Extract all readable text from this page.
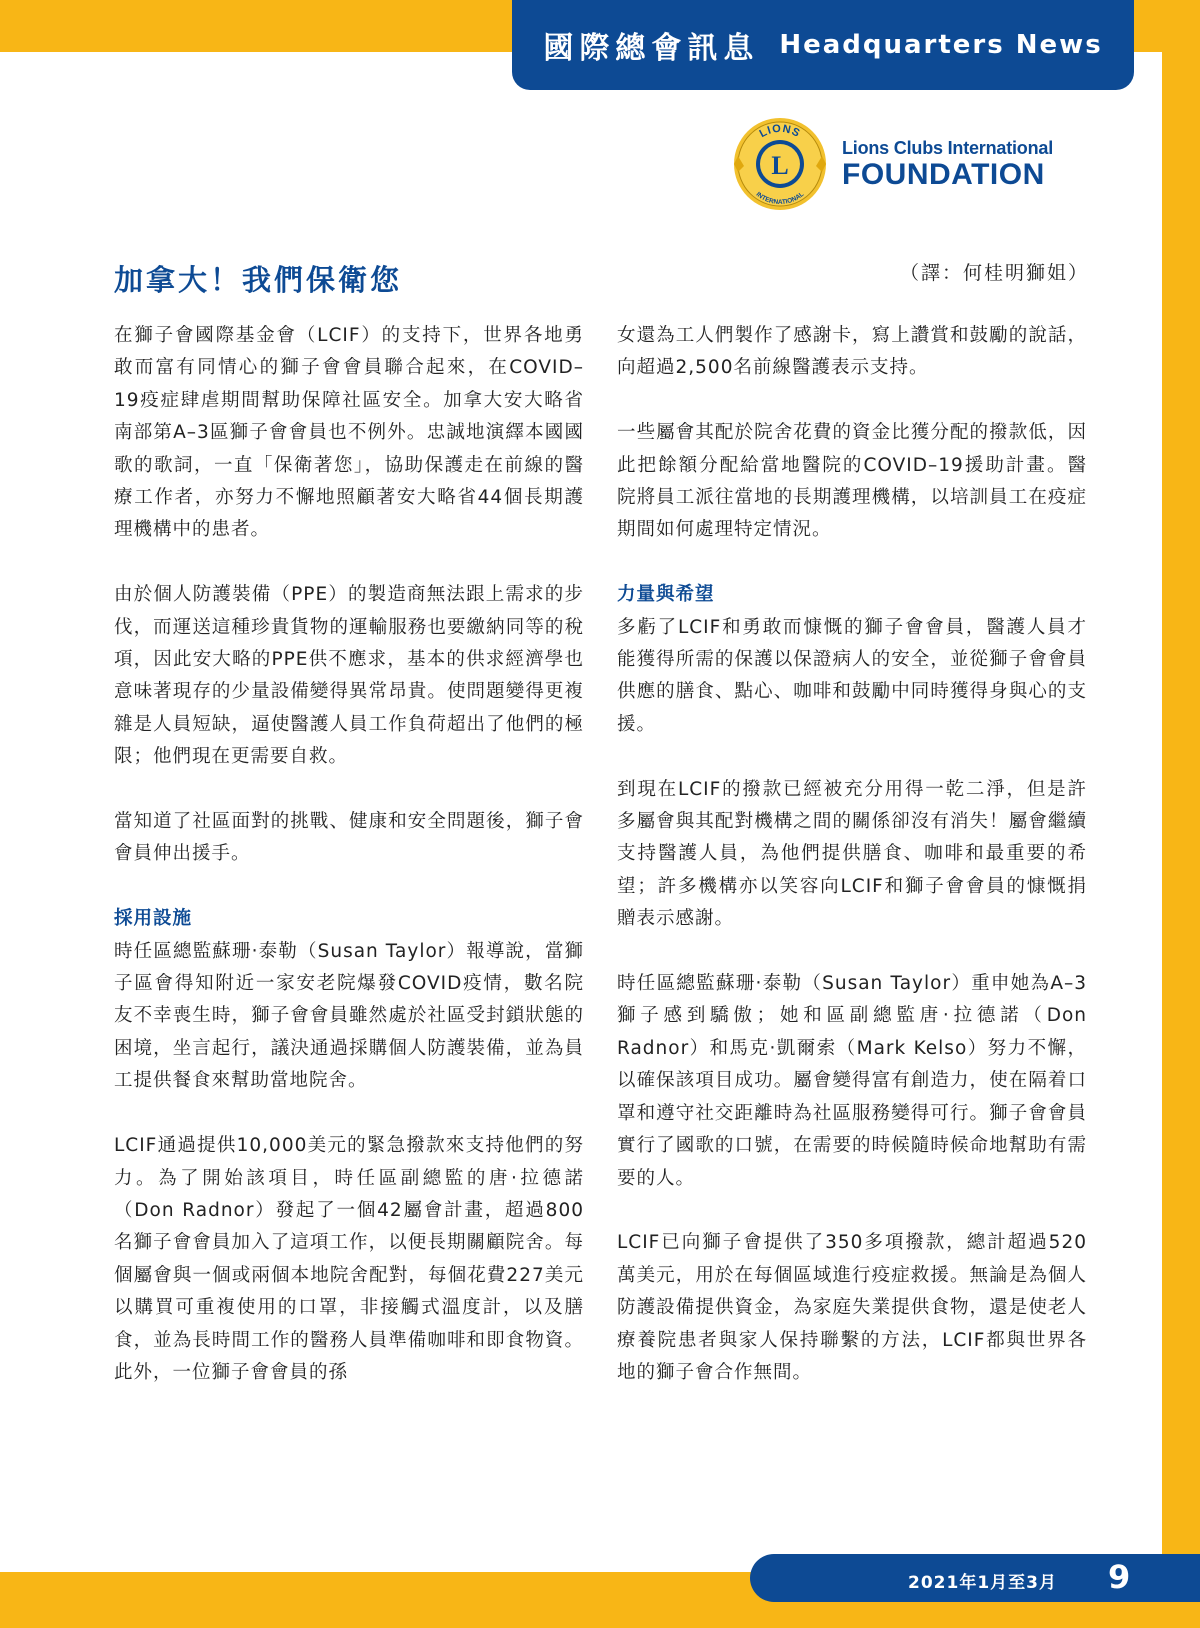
國際總會訊息 Headquarters News
L
LIONS
INTERNATIONAL
Lions Clubs International
FOUNDATION
加拿大！我們保衛您	（譯：何桂明獅姐）

在獅子會國際基金會（LCIF）的支持下，世界各地勇敢而富有同情心的獅子會會員聯合起來，在COVID–19疫症肆虐期間幫助保障社區安全。加拿大安大略省南部第A–3區獅子會會員也不例外。忠誠地演繹本國國歌的歌詞，一直「保衛著您」，協助保護走在前線的醫療工作者，亦努力不懈地照顧著安大略省44個長期護理機構中的患者。

由於個人防護裝備（PPE）的製造商無法跟上需求的步伐，而運送這種珍貴貨物的運輸服務也要繳納同等的稅項，因此安大略的PPE供不應求，基本的供求經濟學也意味著現存的少量設備變得異常昂貴。使問題變得更複雜是人員短缺，逼使醫護人員工作負荷超出了他們的極限；他們現在更需要自救。

當知道了社區面對的挑戰、健康和安全問題後，獅子會會員伸出援手。

採用設施

時任區總監蘇珊·泰勒（Susan Taylor）報導說，當獅子區會得知附近一家安老院爆發COVID疫情，數名院友不幸喪生時，獅子會會員雖然處於社區受封鎖狀態的困境，坐言起行，議決通過採購個人防護裝備，並為員工提供餐食來幫助當地院舍。

LCIF通過提供10,000美元的緊急撥款來支持他們的努力。為了開始該項目，時任區副總監的唐·拉德諾（Don Radnor）發起了一個42屬會計畫，超過800名獅子會會員加入了這項工作，以便長期關顧院舍。每個屬會與一個或兩個本地院舍配對，每個花費227美元以購買可重複使用的口罩，非接觸式溫度計，以及膳食，並為長時間工作的醫務人員準備咖啡和即食物資。此外，一位獅子會會員的孫

女還為工人們製作了感謝卡，寫上讚賞和鼓勵的說話，向超過2,500名前線醫護表示支持。

一些屬會其配於院舍花費的資金比獲分配的撥款低，因此把餘額分配給當地醫院的COVID–19援助計畫。醫院將員工派往當地的長期護理機構，以培訓員工在疫症期間如何處理特定情況。

力量與希望

多虧了LCIF和勇敢而慷慨的獅子會會員，醫護人員才能獲得所需的保護以保證病人的安全，並從獅子會會員供應的膳食、點心、咖啡和鼓勵中同時獲得身與心的支援。

到現在LCIF的撥款已經被充分用得一乾二淨，但是許多屬會與其配對機構之間的關係卻沒有消失！屬會繼續支持醫護人員，為他們提供膳食、咖啡和最重要的希望；許多機構亦以笑容向LCIF和獅子會會員的慷慨捐贈表示感謝。

時任區總監蘇珊·泰勒（Susan Taylor）重申她為A–3獅子感到驕傲；她和區副總監唐·拉德諾（Don Radnor）和馬克·凱爾索（Mark Kelso）努力不懈，以確保該項目成功。屬會變得富有創造力，使在隔着口罩和遵守社交距離時為社區服務變得可行。獅子會會員實行了國歌的口號，在需要的時候隨時候命地幫助有需要的人。

LCIF已向獅子會提供了350多項撥款，總計超過520萬美元，用於在每個區域進行疫症救援。無論是為個人防護設備提供資金，為家庭失業提供食物，還是使老人療養院患者與家人保持聯繫的方法，LCIF都與世界各地的獅子會合作無間。

2021年1月至3月 9
